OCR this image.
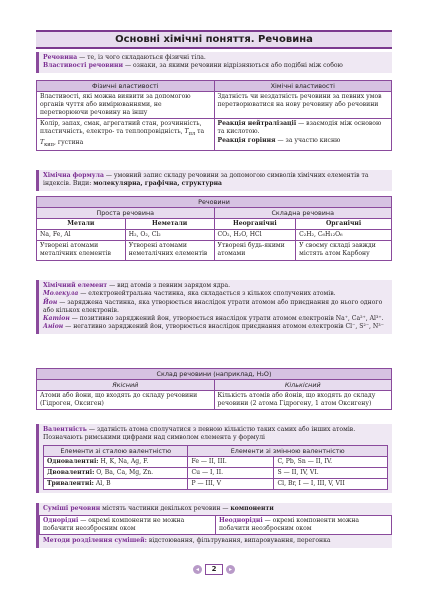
Основні хімічні поняття. Речовина
Речовина — те, із чого складаються фізичні тіла.
Властивості речовини — ознаки, за якими речовини відрізняються або подібні між собою
Фізичні властивості	Хімічні властивості
Властивості, які можна виявити за допомогою органів чуття або вимірюваннями, не перетворюючи речовину на іншу	Здатність чи нездатність речовини за певних умов перетворюватися на нову речовину або речовини
Колір, запах, смак, агрегатний стан, розчинність, пластичність, електро- та теплопровідність, $T_{пл}$ та $T_{кип}$, густина	Реакція нейтралізації — взаємодія між основою та кислотою.
Реакція горіння — за участю кисню
Хімічна формула — умовний запис складу речовини за допомогою символів хімічних елементів та індексів. Види: молекулярна, графічна, структурна
Речовини			
Проста речовина		Складна речовина	
Метали	Неметали	Неорганічні	Органічні
Na, Fe, Al	H₂, O₂, Cl₂	CO₂, H₂O, HCl	C₂H₂, C₆H₁₂O₆
Утворені атомами металічних елементів	Утворені атомами неметалічних елементів	Утворені будь-якими атомами	У своєму складі завжди містять атом Карбону
Хімічний елемент — вид атомів з певним зарядом ядра.
Молекула — електронейтральна частинка, яка складається з кількох сполучених атомів.
Йон — заряджена частинка, яка утворюється внаслідок утрати атомом або приєднання до нього одного або кількох електронів.
Катіон — позитивно заряджений йон, утворюється внаслідок утрати атомом електронів Na⁺, Ca²⁺, Al³⁺.
Аніон — негативно заряджений йон, утворюється внаслідок приєднання атомом електронів Cl⁻, S²⁻, N³⁻
Склад речовини (наприклад, H₂O)	
Якісний	Кількісний
Атоми або йони, що входять до складу речовини (Гідроген, Оксиген)	Кількість атомів або йонів, що входять до складу речовини (2 атома Гідрогену, 1 атом Оксигену)
Валентність — здатність атома сполучатися з певною кількістю таких самих або інших атомів. Позначають римськими цифрами над символом елемента у формулі
Елементи зі сталою валентністю	Елементи зі змінною валентністю	
Одновалентні: H, K, Na, Ag, F.	Fe — II, III.	C, Pb, Sn — II, IV.
Двовалентні: O, Ba, Ca, Mg, Zn.	Cu — I, II.	S — II, IV, VI.
Тривалентні: Al, B	P — III, V	Cl, Br, I — I, III, V, VII
Суміші речовин містять частинки декількох речовин — компоненти
Однорідні — окремі компоненти не можна побачити неозброєним оком	Неоднорідні — окремі компоненти можна побачити неозброєним оком
Методи розділення сумішей: відстоювання, фільтрування, випаровування, перегонка
◂	2	▸
